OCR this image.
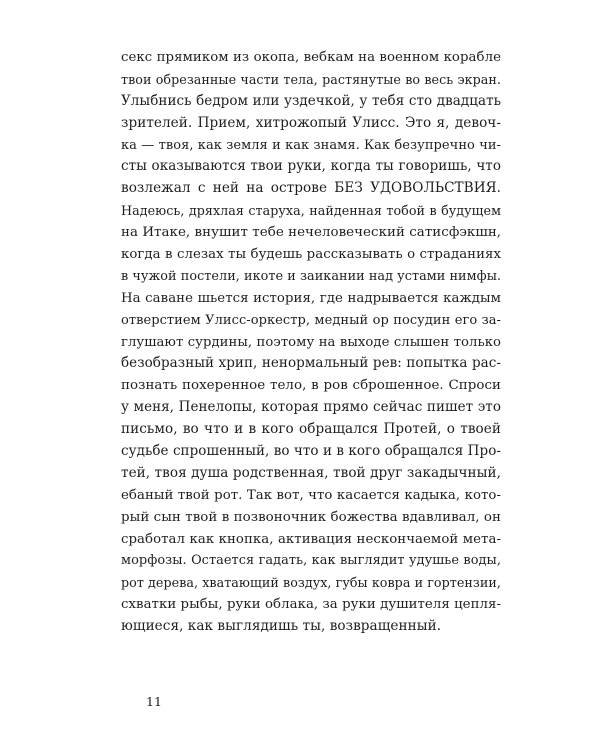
секс прямиком из окопа, вебкам на военном корабле
твои обрезанные части тела, растянутые во весь экран.
Улыбнись бедром или уздечкой, у тебя сто двадцать
зрителей. Прием, хитрожопый Улисс. Это я, девоч-
ка — твоя, как земля и как знамя. Как безупречно чи-
сты оказываются твои руки, когда ты говоришь, что
возлежал с ней на острове БЕЗ УДОВОЛЬСТВИЯ.
Надеюсь, дряхлая старуха, найденная тобой в будущем
на Итаке, внушит тебе нечеловеческий сатисфэкшн,
когда в слезах ты будешь рассказывать о страданиях
в чужой постели, икоте и заикании над устами нимфы.
На саване шьется история, где надрывается каждым
отверстием Улисс-оркестр, медный ор посудин его за-
глушают сурдины, поэтому на выходе слышен только
безобразный хрип, ненормальный рев: попытка рас-
познать похеренное тело, в ров сброшенное. Спроси
у меня, Пенелопы, которая прямо сейчас пишет это
письмо, во что и в кого обращался Протей, о твоей
судьбе спрошенный, во что и в кого обращался Про-
тей, твоя душа родственная, твой друг закадычный,
ебаный твой рот. Так вот, что касается кадыка, кото-
рый сын твой в позвоночник божества вдавливал, он
сработал как кнопка, активация нескончаемой мета-
морфозы. Остается гадать, как выглядит удушье воды,
рот дерева, хватающий воздух, губы ковра и гортензии,
схватки рыбы, руки облака, за руки душителя цепля-
ющиеся, как выглядишь ты, возвращенный.
11
